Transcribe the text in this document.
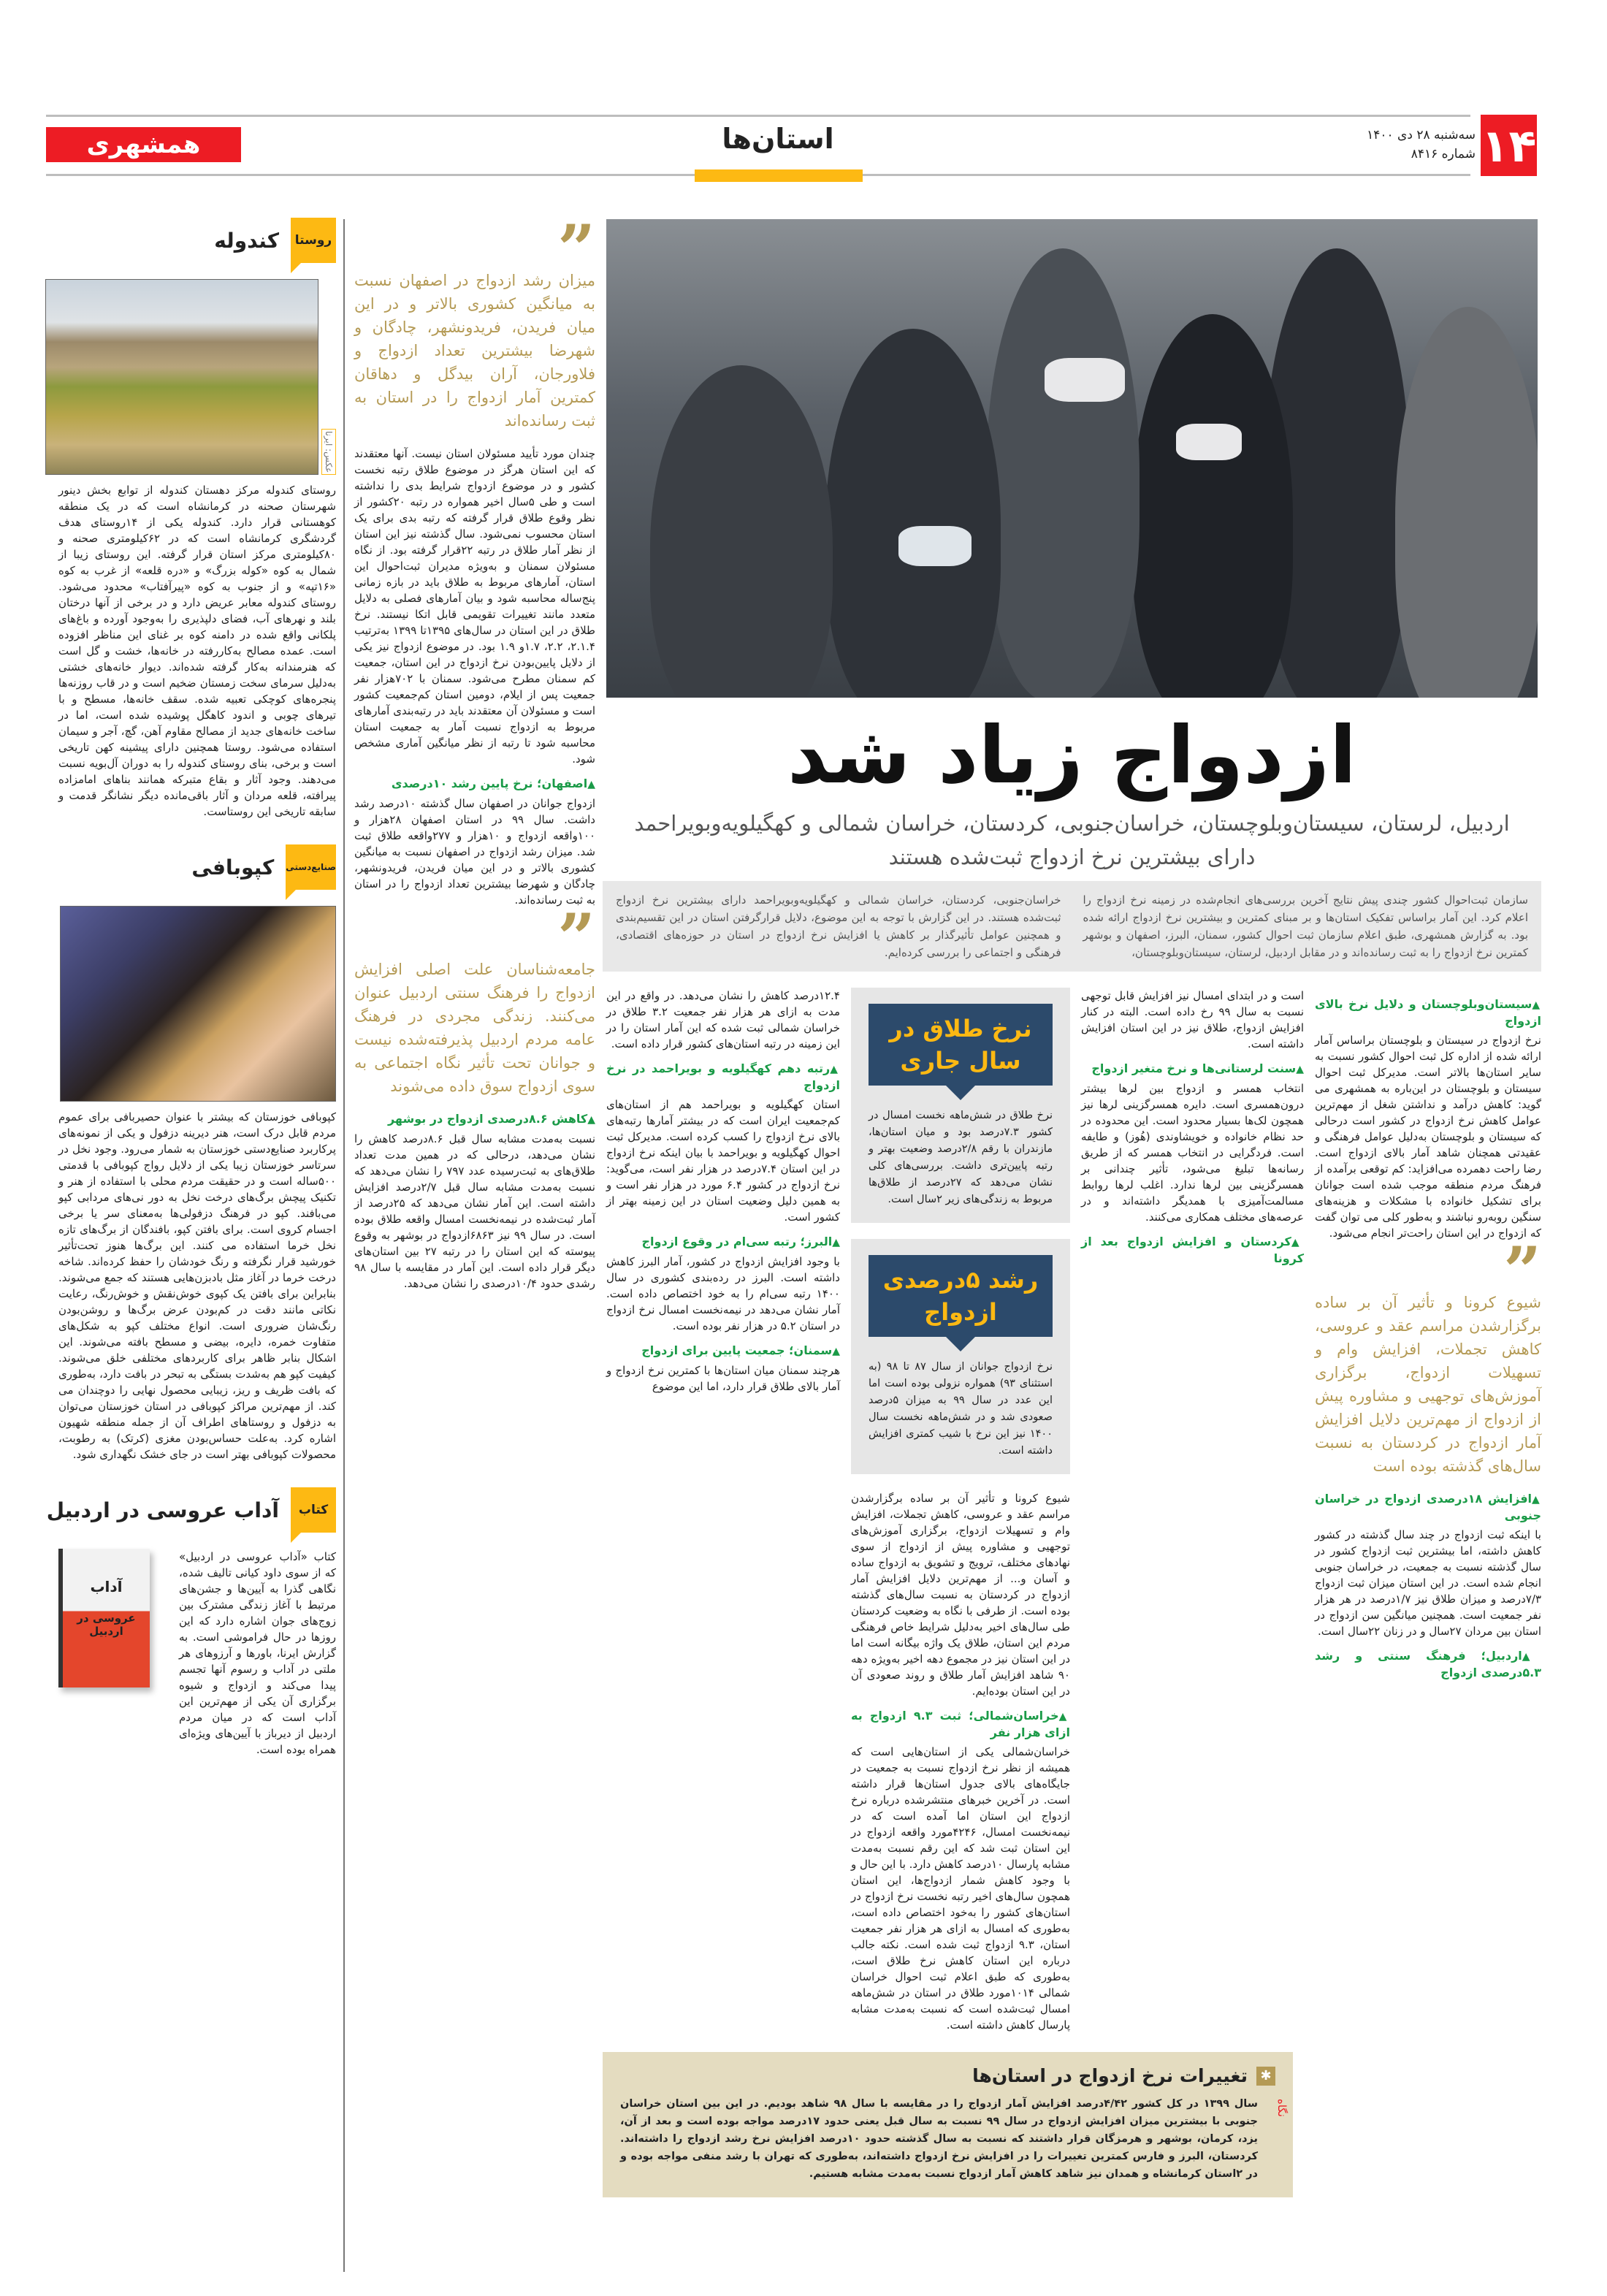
۱۴
سه‌شنبه ۲۸ دی ۱۴۰۰
شماره ۸۴۱۶
استان‌ها
همشهری
ازدواج زیاد شد
اردبیل، لرستان، سیستان‌وبلوچستان، خراسان‌جنوبی، کردستان، خراسان شمالی و کهگیلویه‌وبویراحمد
دارای بیشترین نرخ ازدواج ثبت‌شده هستند

سازمان ثبت‌احوال کشور چندی پیش نتایج آخرین بررسی‌های انجام‌شده در زمینه نرخ ازدواج را اعلام کرد. این آمار براساس تفکیک استان‌ها و بر مبنای کمترین و بیشترین نرخ ازدواج ارائه شده بود. به گزارش همشهری، طبق اعلام سازمان ثبت احوال کشور، سمنان، البرز، اصفهان و بوشهر کمترین نرخ ازدواج را به ثبت رسانده‌اند و در مقابل اردبیل، لرستان، سیستان‌وبلوچستان،

خراسان‌جنوبی، کردستان، خراسان شمالی و کهگیلویه‌وبویراحمد دارای بیشترین نرخ ازدواج ثبت‌شده هستند. در این گزارش با توجه به این موضوع، دلایل قرارگرفتن استان در این تقسیم‌بندی و همچنین عوامل تأثیرگذار بر کاهش یا افزایش نرخ ازدواج در استان در حوزه‌های اقتصادی، فرهنگی و اجتماعی را بررسی کرده‌ایم.

▲ سیستان‌وبلوچستان و دلایل نرخ بالای ازدواج

نرخ ازدواج در سیستان و بلوچستان براساس آمار ارائه شده از اداره کل ثبت احوال کشور نسبت به سایر استان‌ها بالاتر است. مدیرکل ثبت احوال سیستان و بلوچستان در این‌باره به همشهری می گوید: کاهش درآمد و نداشتن شغل از مهم‌ترین عوامل کاهش نرخ ازدواج در کشور است درحالی که سیستان و بلوچستان به‌دلیل عوامل فرهنگی و عقیدتی همچنان شاهد آمار بالای ازدواج است. رضا راحت دهمرده می‌افزاید: کم توقعی برآمده از فرهنگ مردم منطقه موجب شده است جوانان برای تشکیل خانواده با مشکلات و هزینه‌های سنگین روبه‌رو نباشند و به‌طور کلی می توان گفت که ازدواج در این استان راحت‌تر انجام می‌شود.

”
شیوع کرونا و تأثیر آن بر ساده برگزارشدن مراسم عقد و عروسی، کاهش تجملات، افزایش وام و تسهیلات ازدواج، برگزاری آموزش‌های توجهیی و مشاوره پیش از ازدواج از مهم‌ترین دلایل افزایش آمار ازدواج در کردستان به نسبت سال‌های گذشته بوده است
▲ افزایش ۱۸درصدی ازدواج در خراسان جنوبی

با اینکه ثبت ازدواج در چند سال گذشته در کشور کاهش داشته، اما بیشترین ثبت ازدواج کشور در سال گذشته نسبت به جمعیت، در خراسان جنوبی انجام شده است. در این استان میزان ثبت ازدواج ۷/۳درصد و میزان طلاق نیز ۱/۷درصد در هر هزار نفر جمعیت است. همچنین میانگین سن ازدواج در استان بین مردان ۲۷سال و در زنان ۲۲سال است.

▲ اردبیل؛ فرهنگ سنتی و رشد ۵.۳درصدی ازدواج

است و در ابتدای امسال نیز افزایش قابل توجهی نسبت به سال ۹۹ رخ داده است. البته در کنار افزایش ازدواج، طلاق نیز در این استان افزایش داشته است.

▲ سنت لرستانی‌ها و نرخ متغیر ازدواج

انتخاب همسر و ازدواج بین لرها بیشتر درون‌همسری است. دایره همسرگزینی لرها نیز همچون لک‌ها بسیار محدود است. این محدوده در حد نظام خانواده و خویشاوندی (هُوز) و طایفه است. فردگرایی در انتخاب همسر که از طریق رسانه‌ها تبلیغ می‌شود، تأثیر چندانی بر همسرگزینی بین لرها ندارد. اغلب لرها روابط مسالمت‌آمیزی با همدیگر داشته‌اند و در عرصه‌های مختلف همکاری می‌کنند.

▲ کردستان و افزایش ازدواج بعد از کرونا
نرخ طلاق در سال جاری

نرخ طلاق در شش‌ماهه نخست امسال در کشور ۷.۳درصد بود و میان استان‌ها، مازندران با رقم ۲/۸درصد وضعیت بهتر و رتبه پایین‌تری داشت. بررسی‌های کلی نشان می‌دهد که ۲۷درصد از طلاق‌ها مربوط به زندگی‌های زیر ۲سال است.

رشد ۵درصدی ازدواج

نرخ ازدواج جوانان از سال ۸۷ تا ۹۸ (به استثنای ۹۳) همواره نزولی بوده است اما این عدد در سال ۹۹ به میزان ۵درصد صعودی شد و در شش‌ماهه نخست سال ۱۴۰۰ نیز این نرخ با شیب کمتری افزایش داشته است.

شیوع کرونا و تأثیر آن بر ساده برگزارشدن مراسم عقد و عروسی، کاهش تجملات، افزایش وام و تسهیلات ازدواج، برگزاری آموزش‌های توجهیی و مشاوره پیش از ازدواج از سوی نهادهای مختلف، ترویج و تشویق به ازدواج ساده و آسان و... از مهم‌ترین دلایل افزایش آمار ازدواج در کردستان به نسبت سال‌های گذشته بوده است. از طرفی با نگاه به وضعیت کردستان طی سال‌های اخیر به‌دلیل شرایط خاص فرهنگی مردم این استان، طلاق یک واژه بیگانه است اما در این استان نیز در مجموع دهه اخیر به‌ویژه دهه ۹۰ شاهد افزایش آمار طلاق و روند صعودی آن در این استان بوده‌ایم.

▲ خراسان‌شمالی؛ ثبت ۹.۳ ازدواج به ازای هزار نفر

خراسان‌شمالی یکی از استان‌هایی است که همیشه از نظر نرخ ازدواج نسبت به جمعیت در جایگاه‌های بالای جدول استان‌ها قرار داشته است. در آخرین خبرهای منتشرشده درباره نرخ ازدواج این استان اما آمده است که در نیمه‌نخست امسال، ۴۲۴۶مورد واقعه ازدواج در این استان ثبت شد که این رقم نسبت به‌مدت مشابه پارسال ۱۰درصد کاهش دارد. با این حال و با وجود کاهش شمار ازدواج‌ها، این استان همچون سال‌های اخیر رتبه نخست نرخ ازدواج در استان‌های کشور را به‌خود اختصاص داده است، به‌طوری که امسال به ازای هر هزار نفر جمعیت استان، ۹.۳ ازدواج ثبت شده است. نکته جالب درباره این استان کاهش نرخ طلاق است، به‌طوری که طبق اعلام ثبت احوال خراسان شمالی ۱۰۱۴مورد طلاق در استان در شش‌ماهه امسال ثبت‌شده است که نسبت به‌مدت مشابه پارسال کاهش داشته است.

۱۲.۴درصد کاهش را نشان می‌دهد. در واقع در این مدت به ازای هر هزار نفر جمعیت ۳.۲ طلاق در خراسان شمالی ثبت شده که این آمار استان را در این زمینه در رتبه استان‌های کشور قرار داده است.

▲ رتبه دهم کهگیلویه و بویراحمد در نرخ ازدواج

استان کهگیلویه و بویراحمد هم از استان‌های کم‌جمعیت ایران است که در بیشتر آمارها رتبه‌های بالای نرخ ازدواج را کسب کرده است. مدیرکل ثبت احوال کهگیلویه و بویراحمد با بیان اینکه نرخ ازدواج در این استان ۷.۴درصد در هزار نفر است، می‌گوید: نرخ ازدواج در کشور ۶.۴ مورد در هزار نفر است و به همین دلیل وضعیت استان در این زمینه بهتر از کشور است.

▲ البرز؛ رتبه سی‌ام در وقوع ازدواج

با وجود افزایش ازدواج در کشور، آمار البرز کاهش داشته است. البرز در رده‌بندی کشوری در سال ۱۴۰۰ رتبه سی‌ام را به خود اختصاص داده است. آمار نشان می‌دهد در نیمه‌نخست امسال نرخ ازدواج در استان ۵.۲ در هزار نفر بوده است.

▲ سمنان؛ جمعیت پایین برای ازدواج

هرچند سمنان میان استان‌ها با کمترین نرخ ازدواج و آمار بالای طلاق قرار دارد، اما این موضوع

✱
تغییرات نرخ ازدواج در استان‌ها
نگاه

سال ۱۳۹۹ در کل کشور ۴/۴۲درصد افزایش آمار ازدواج را در مقایسه با سال ۹۸ شاهد بودیم. در این بین استان خراسان جنوبی با بیشترین میزان افزایش ازدواج در سال ۹۹ نسبت به سال قبل یعنی حدود ۱۷درصد مواجه بوده است و بعد از آن، یزد، کرمان، بوشهر و هرمزگان قرار داشتند که نسبت به سال گذشته حدود ۱۰درصد افزایش نرخ رشد ازدواج را داشته‌اند. کردستان، البرز و فارس کمترین تغییرات را در افزایش نرخ ازدواج داشته‌اند، به‌طوری که تهران با رشد منفی مواجه بوده و در ۲استان کرمانشاه و همدان نیز شاهد کاهش آمار ازدواج نسبت به‌مدت مشابه هستیم.

”
میزان رشد ازدواج در اصفهان نسبت به میانگین کشوری بالاتر و در این میان فریدن، فریدونشهر، چادگان و شهرضا بیشترین تعداد ازدواج و فلاورجان، آران بیدگل و دهاقان کمترین آمار ازدواج را در استان به ثبت رسانده‌اند

چندان مورد تأیید مسئولان استان نیست. آنها معتقدند که این استان هرگز در موضوع طلاق رتبه نخست کشور و در موضوع ازدواج شرایط بدی را نداشته است و طی ۵سال اخیر همواره در رتبه ۲۰کشور از نظر وقوع طلاق قرار گرفته که رتبه بدی برای یک استان محسوب نمی‌شود. سال گذشته نیز این استان از نظر آمار طلاق در رتبه ۲۲قرار گرفته بود. از نگاه مسئولان سمنان و به‌ویژه مدیران ثبت‌احوال این استان، آمارهای مربوط به طلاق باید در بازه زمانی پنج‌ساله محاسبه شود و بیان آمارهای فصلی به دلایل متعدد مانند تغییرات تقویمی قابل اتکا نیستند. نرخ طلاق در این استان در سال‌های ۱۳۹۵تا ۱۳۹۹ به‌ترتیب ۲.۱.۴، ۲.۲، ۱.۷و ۱.۹ بود. در موضوع ازدواج نیز یکی از دلایل پایین‌بودن نرخ ازدواج در این استان، جمعیت کم سمنان مطرح می‌شود. سمنان با ۷۰۲هزار نفر جمعیت پس از ایلام، دومین استان کم‌جمعیت کشور است و مسئولان آن معتقدند باید در رتبه‌بندی آمارهای مربوط به ازدواج نسبت آمار به جمعیت استان محاسبه شود تا رتبه از نظر میانگین آماری مشخص شود.

▲ اصفهان؛ نرخ پایین رشد ۱۰درصدی

ازدواج جوانان در اصفهان سال گذشته ۱۰درصد رشد داشت. سال ۹۹ در استان اصفهان ۲۸هزار و ۱۰۰واقعه ازدواج و ۱۰هزار و ۲۷۷واقعه طلاق ثبت شد. میزان رشد ازدواج در اصفهان نسبت به میانگین کشوری بالاتر و در این میان فریدن، فریدونشهر، چادگان و شهرضا بیشترین تعداد ازدواج را در استان به ثبت رسانده‌اند.

”
جامعه‌شناسان علت اصلی افزایش ازدواج را فرهنگ سنتی اردبیل عنوان می‌کنند. زندگی مجردی در فرهنگ عامه مردم اردبیل پذیرفته‌شده نیست و جوانان تحت تأثیر نگاه اجتماعی به سوی ازدواج سوق داده می‌شوند
▲ کاهش ۸.۶درصدی ازدواج در بوشهر

نسبت به‌مدت مشابه سال قبل ۸.۶درصد کاهش را نشان می‌دهد، درحالی که در همین مدت تعداد طلاق‌های به ثبت‌رسیده عدد ۷۹۷ را نشان می‌دهد که نسبت به‌مدت مشابه سال قبل ۲/۷درصد افزایش داشته است. این آمار نشان می‌دهد که ۲۵درصد از آمار ثبت‌شده در نیمه‌نخست امسال واقعه طلاق بوده است. در سال ۹۹ نیز ۶۸۶۳ازدواج در بوشهر به وقوع پیوسته که این استان را در رتبه ۲۷ بین استان‌های دیگر قرار داده است. این آمار در مقایسه با سال ۹۸ رشدی حدود ۱۰/۴درصدی را نشان می‌دهد.

روستا
کندوله
عکس: ایرنا
روستای کندوله مرکز دهستان کندوله از توابع بخش دینور شهرستان صحنه در کرمانشاه است که در یک منطقه کوهستانی قرار دارد. کندوله یکی از ۱۴روستای هدف گردشگری کرمانشاه است که در ۶۲کیلومتری صحنه و ۸۰کیلومتری مرکز استان قرار گرفته. این روستای زیبا از شمال به کوه «کوله بزرگ» و «دره قلعه» از غرب به کوه «۱۶تپه» و از جنوب به کوه «پیرآفتاب» محدود می‌شود. روستای کندوله معابر عریض دارد و در برخی از آنها درختان بلند و نهرهای آب، فضای دلپذیری را به‌وجود آورده و باغ‌های پلکانی واقع شده در دامنه کوه بر غنای این مناظر افزوده است. عمده مصالح به‌کاررفته در خانه‌ها، خشت و گل است که هنرمندانه به‌کار گرفته شده‌اند. دیوار خانه‌های خشتی به‌دلیل سرمای سخت زمستان ضخیم است و در قاب روزنه‌ها پنجره‌های کوچکی تعبیه شده. سقف خانه‌ها، مسطح و با تیرهای چوبی و اندود کاهگل پوشیده شده است، اما در ساخت خانه‌های جدید از مصالح مقاوم آهن، گچ، آجر و سیمان استفاده می‌شود. روستا همچنین دارای پیشینه کهن تاریخی است و برخی، بنای روستای کندوله را به دوران آل‌بویه نسبت می‌دهند. وجود آثار و بقاع متبرکه همانند بناهای امامزاده پیرافته، قلعه مردان و آثار باقی‌مانده دیگر نشانگر قدمت و سابقه تاریخی این روستاست.
صنایع‌دستی
کپوبافی
کپوبافی خوزستان که بیشتر با عنوان حصیربافی برای عموم مردم قابل درک است، هنر دیرینه دزفول و یکی از نمونه‌های پرکاربرد صنایع‌دستی خوزستان به شمار می‌رود. وجود نخل در سرتاسر خوزستان زیبا یکی از دلایل رواج کپوبافی با قدمتی ۵۰۰ساله است و در حقیقت مردم محلی با استفاده از هنر و تکنیک پیچش برگ‌های درخت نخل به دور نی‌های مردابی کپو می‌بافند. کپو در فرهنگ دزفولی‌ها به‌معنای سر یا برخی اجسام کروی است. برای بافتن کپو، بافندگان از برگ‌های تازه نخل خرما استفاده می کنند. این برگ‌ها هنوز تحت‌تأثیر خورشید قرار نگرفته و رنگ خودشان را حفظ کرده‌اند. شاخه درخت خرما در آغاز مثل بادبزن‌هایی هستند که جمع می‌شوند. بنابراین برای بافتن یک کپوی خوش‌نقش و خوش‌رنگ، رعایت نکاتی مانند دقت در کم‌بودن عرض برگ‌ها و روشن‌بودن رنگ‌شان ضروری است. انواع مختلف کپو به شکل‌های متفاوت خمره، دایره، بیضی و مسطح بافته می‌شوند. این اشکال بنابر ظاهر برای کاربردهای مختلفی خلق می‌شوند. کیفیت کپو هم به‌شدت بستگی به تبحر در بافت دارد، به‌طوری که بافت ظریف و ریز، زیبایی محصول نهایی را دوچندان می کند. از مهم‌ترین مراکز کپوبافی در استان خوزستان می‌توان به دزفول و روستاهای اطراف آن از جمله منطقه شهیون اشاره کرد. به‌علت حساس‌بودن مغزی (کرتک) به رطوبت، محصولات کپوبافی بهتر است در جای خشک نگهداری شود.
کتاب
آداب عروسی در اردبیل
کتاب «آداب عروسی در اردبیل» که از سوی داود کیانی تالیف شده، نگاهی گذرا به آیین‌ها و جشن‌های مرتبط با آغاز زندگی مشترک بین زوج‌های جوان اشاره دارد که این روزها در حال فراموشی است. به گزارش ایرنا، باورها و آرزوهای هر ملتی در آداب و رسوم آنها تجسم پیدا می‌کند و ازدواج و شیوه برگزاری آن یکی از مهم‌ترین این آداب است که در میان مردم اردبیل از دیرباز با آیین‌های ویژه‌ای همراه بوده است.
آداب
عروسی در اردبیل
